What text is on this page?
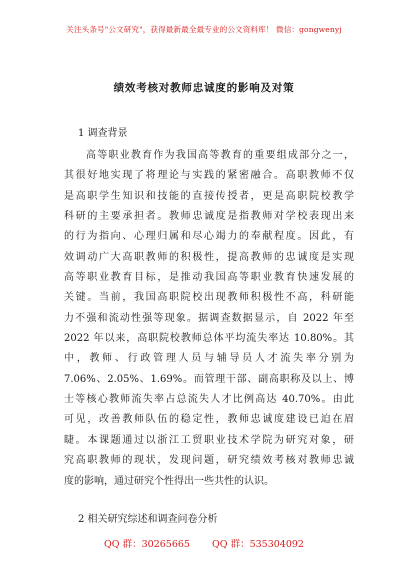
关注头条号"公文研究"，获得最新最全最专业的公文资料库！ 微信：gongwenyj
绩效考核对教师忠诚度的影响及对策
1 调查背景
高等职业教育作为我国高等教育的重要组成部分之一，
其很好地实现了将理论与实践的紧密融合。高职教师不仅
是高职学生知识和技能的直接传授者，更是高职院校教学
科研的主要承担者。教师忠诚度是指教师对学校表现出来
的行为指向、心理归属和尽心竭力的奉献程度。因此，有
效调动广大高职教师的积极性，提高教师的忠诚度是实现
高等职业教育目标，是推动我国高等职业教育快速发展的
关键。当前，我国高职院校出现教师积极性不高，科研能
力不强和流动性强等现象。据调查数据显示，自 2022 年至
2022 年以来，高职院校教师总体平均流失率达 10.80%。其
中，教师、行政管理人员与辅导员人才流失率分别为
7.06%、2.05%、1.69%。而管理干部、副高职称及以上、博
士等核心教师流失率占总流失人才比例高达 40.70%。由此
可见，改善教师队伍的稳定性，教师忠诚度建设已迫在眉
睫。本课题通过以浙江工贸职业技术学院为研究对象，研
究高职教师的现状，发现问题，研究绩效考核对教师忠诚
度的影响，通过研究个性得出一些共性的认识。
2 相关研究综述和调查问卷分析
QQ 群：30265665 QQ 群：535304092
